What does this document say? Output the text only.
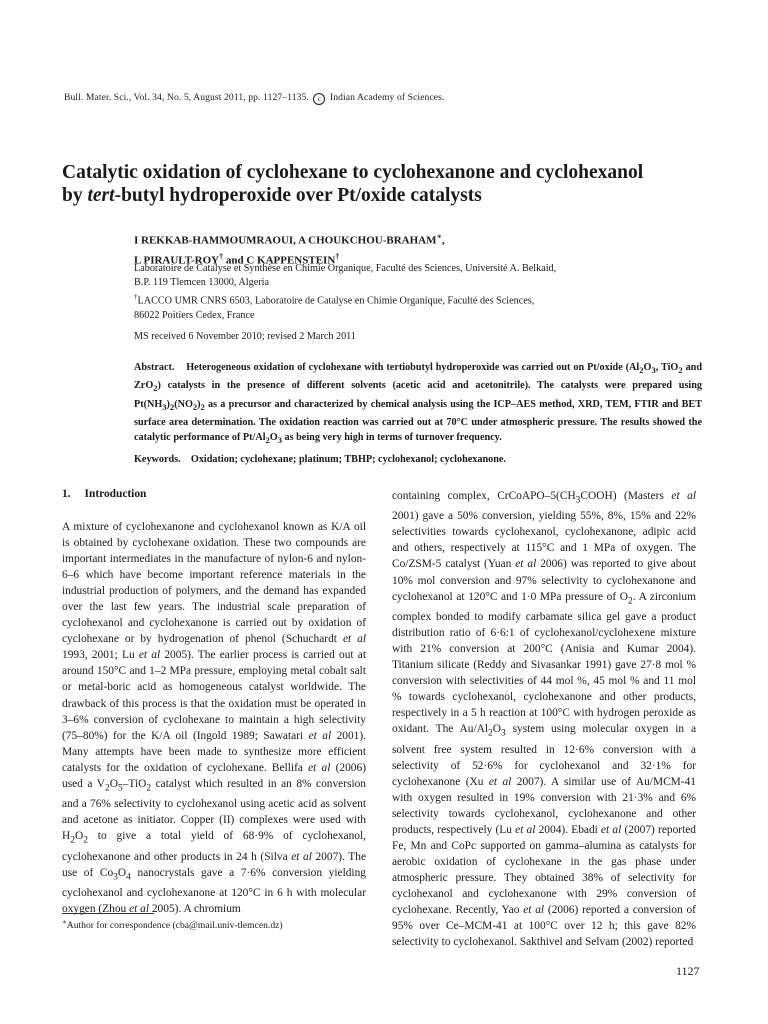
Bull. Mater. Sci., Vol. 34, No. 5, August 2011, pp. 1127–1135. c Indian Academy of Sciences.
Catalytic oxidation of cyclohexane to cyclohexanone and cyclohexanol
by tert-butyl hydroperoxide over Pt/oxide catalysts
I REKKAB-HAMMOUMRAOUI, A CHOUKCHOU-BRAHAM∗,
L PIRAULT-ROY† and C KAPPENSTEIN†
Laboratoire de Catalyse et Synthèse en Chimie Organique, Faculté des Sciences, Université A. Belkaid,
B.P. 119 Tlemcen 13000, Algeria
†LACCO UMR CNRS 6503, Laboratoire de Catalyse en Chimie Organique, Faculté des Sciences,
86022 Poitiers Cedex, France
MS received 6 November 2010; revised 2 March 2011
Abstract. Heterogeneous oxidation of cyclohexane with tertiobutyl hydroperoxide was carried out on Pt/oxide ($Al_2O_3$, TiO$_2$ and ZrO$_2$) catalysts in the presence of different solvents (acetic acid and acetonitrile). The catalysts were prepared using $Pt(NH_3)_2(NO_2)_2$ as a precursor and characterized by chemical analysis using the ICP–AES method, XRD, TEM, FTIR and BET surface area determination. The oxidation reaction was carried out at 70°C under atmospheric pressure. The results showed the catalytic performance of $Pt/Al_2O_3$ as being very high in terms of turnover frequency.
Keywords. Oxidation; cyclohexane; platinum; TBHP; cyclohexanol; cyclohexanone.
1. Introduction

A mixture of cyclohexanone and cyclohexanol known as K/A oil is obtained by cyclohexane oxidation. These two compounds are important intermediates in the manufacture of nylon-6 and nylon-6–6 which have become important reference materials in the industrial production of polymers, and the demand has expanded over the last few years. The industrial scale preparation of cyclohexanol and cyclohexanone is carried out by oxidation of cyclohexane or by hydrogenation of phenol (Schuchardt et al 1993, 2001; Lu et al 2005). The earlier process is carried out at around 150°C and 1–2 MPa pressure, employing metal cobalt salt or metal-boric acid as homogeneous catalyst worldwide. The drawback of this process is that the oxidation must be operated in 3–6% conversion of cyclohexane to maintain a high selectivity (75–80%) for the K/A oil (Ingold 1989; Sawatari et al 2001). Many attempts have been made to synthesize more efficient catalysts for the oxidation of cyclohexane. Bellifa et al (2006) used a $V_2O_5-TiO_2$ catalyst which resulted in an 8% conversion and a 76% selectivity to cyclohexanol using acetic acid as solvent and acetone as initiator. Copper (II) complexes were used with $H_2O_2$ to give a total yield of 68·9% of cyclohexanol, cyclohexanone and other products in 24 h (Silva et al 2007). The use of $Co_3O_4$ nanocrystals gave a 7·6% conversion yielding cyclohexanol and cyclohexanone at 120°C in 6 h with molecular oxygen (Zhou et al 2005). A chromium

containing complex, CrCoAPO–$5(CH_3COOH)$ (Masters et al 2001) gave a 50% conversion, yielding 55%, 8%, 15% and 22% selectivities towards cyclohexanol, cyclohexanone, adipic acid and others, respectively at 115°C and 1 MPa of oxygen. The Co/ZSM-5 catalyst (Yuan et al 2006) was reported to give about 10% mol conversion and 97% selectivity to cyclohexanone and cyclohexanol at 120°C and 1·0 MPa pressure of $O_2$. A zirconium complex bonded to modify carbamate silica gel gave a product distribution ratio of 6·6:1 of cyclohexanol/cyclohexene mixture with 21% conversion at 200°C (Anisia and Kumar 2004). Titanium silicate (Reddy and Sivasankar 1991) gave 27·8 mol % conversion with selectivities of 44 mol %, 45 mol % and 11 mol % towards cyclohexanol, cyclohexanone and other products, respectively in a 5 h reaction at 100°C with hydrogen peroxide as oxidant. The $Au/Al_2O_3$ system using molecular oxygen in a solvent free system resulted in 12·6% conversion with a selectivity of 52·6% for cyclohexanol and 32·1% for cyclohexanone (Xu et al 2007). A similar use of Au/MCM-41 with oxygen resulted in 19% conversion with 21·3% and 6% selectivity towards cyclohexanol, cyclohexanone and other products, respectively (Lu et al 2004). Ebadi et al (2007) reported Fe, Mn and CoPc supported on gamma–alumina as catalysts for aerobic oxidation of cyclohexane in the gas phase under atmospheric pressure. They obtained 38% of selectivity for cyclohexanol and cyclohexanone with 29% conversion of cyclohexane. Recently, Yao et al (2006) reported a conversion of 95% over Ce–MCM-41 at 100°C over 12 h; this gave 82% selectivity to cyclohexanol. Sakthivel and Selvam (2002) reported

∗Author for correspondence (cba@mail.univ-tlemcen.dz)
1127
